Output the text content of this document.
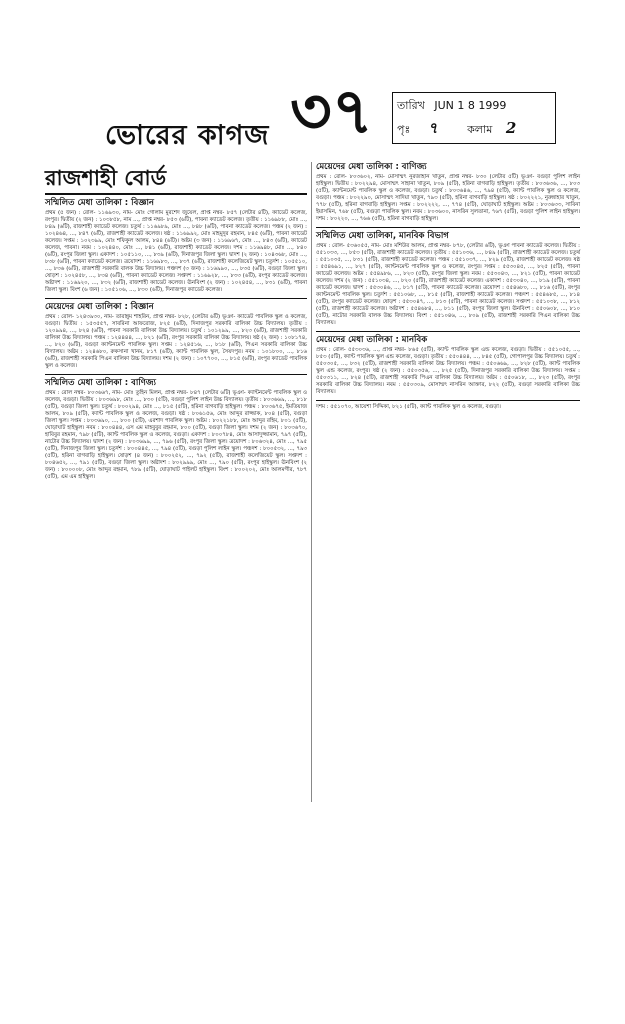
ভোরের কাগজ ৩৭ তারিখ JUN 1 8 1999
পৃঃ ৭	কলাম 2
রাজশাহী বোর্ড
সম্মিলিত মেধা তালিকা : বিজ্ঞান

প্রথম (৫ জন) : রোল- ১১৬৯৩০, নাম- মোঃ গোলাম মুরশেদ জুয়েল, প্রাপ্ত নম্বর- ৮৫৭ (লেটার ৪টি), ক্যাডেট কলেজ, রংপুর। দ্বিতীয় (২ জন) : ১০৩৮৫৮, নাম ..., প্রাপ্ত নম্বর- ৮৫৩ (৬টি), পাবনা ক্যাডেট কলেজ। তৃতীয় : ১১৬৯৮৮, মোঃ ..., ৮৪৯ (৬টি), রাজশাহী ক্যাডেট কলেজ। চতুর্থ : ১১৬৯৮৯, মোঃ ..., ৮৪৮ (৬টি), পাবনা ক্যাডেট কলেজ। পঞ্চম (২ জন) : ১০২৪৬৪, ..., ৮৪৭ (৬টি), রাজশাহী ক্যাডেট কলেজ। ষষ্ঠ : ১১৬৯৯২, মোঃ মাহমুদুর রহমান, ৮৪৫ (৬টি), পাবনা ক্যাডেট কলেজ। সপ্তম : ১০২৩৯৯, মোঃ শফিকুল আলম, ৮৪৪ (৬টি)। অষ্টম (৩ জন) : ১১৬৯৬৭, মোঃ ..., ৮৪৩ (৬টি), ক্যাডেট কলেজ, পাবনা। নবম : ১০২৪৪০, মোঃ ..., ৮৪১ (৬টি), রাজশাহী ক্যাডেট কলেজ। দশম : ১১৬৯৪৮, মোঃ ..., ৮৪০ (৬টি), রংপুর জিলা স্কুল। একাদশ : ১০৫১১০, ..., ৮৩৯ (৬টি), দিনাজপুর জিলা স্কুল। দ্বাদশ (২ জন) : ১০৪৩৬৮, মোঃ ..., ৮৩৮ (৬টি), পাবনা ক্যাডেট কলেজ। ত্রয়োদশ : ১১৬৯৮৩, ..., ৮৩৭ (৬টি), রাজশাহী কলেজিয়েট স্কুল। চতুর্দশ : ১০৫৫১০, ..., ৮৩৬ (৬টি), রাজশাহী সরকারি বালক উচ্চ বিদ্যালয়। পঞ্চদশ (৩ জন) : ১১৬৯৯০, ..., ৮৩৫ (৬টি), বগুড়া জিলা স্কুল। ষোড়শ : ১০২৪৫৮, ..., ৮৩৪ (৬টি), পাবনা ক্যাডেট কলেজ। সপ্তদশ : ১১৬৯২৮, ..., ৮৩৩ (৬টি), রংপুর ক্যাডেট কলেজ। অষ্টাদশ : ১১৬৯২০, ..., ৮৩২ (৬টি), রাজশাহী ক্যাডেট কলেজ। ঊনবিংশ (২ জন) : ১০২৪৫৪, ..., ৮৩১ (৬টি), পাবনা জিলা স্কুল। বিংশ (৬ জন) : ১০৫১০৬, ..., ৮৩০ (৬টি), দিনাজপুর ক্যাডেট কলেজ।

মেয়েদের মেধা তালিকা : বিজ্ঞান

প্রথম : রোল- ১২৪৩৯৩০, নাম- তারান্নুম শাহরিন, প্রাপ্ত নম্বর- ৮২৮, (লেটার ৬টি) ভূঞা- ক্যাডেট পাবলিক স্কুল ও কলেজ, বগুড়া। দ্বিতীয় : ১৫৩৫৫৭, সাবরিনা আফরোজ, ৮২৫ (৬টি), দিনাজপুর সরকারি বালিকা উচ্চ বিদ্যালয়। তৃতীয় : ১২০৯৯৪, ..., ৮২৪ (৬টি), পাবনা সরকারি বালিকা উচ্চ বিদ্যালয়। চতুর্থ : ১০১২৯৯, ..., ৮২৩ (৬টি), রাজশাহী সরকারি বালিকা উচ্চ বিদ্যালয়। পঞ্চম : ১২৪৪৪৪, ..., ৮২১ (৬টি), রংপুর সরকারি বালিকা উচ্চ বিদ্যালয়। ষষ্ঠ (২ জন) : ১০৮১৭৪, ..., ৮২০ (৬টি), বগুড়া ক্যান্টনমেন্ট পাবলিক স্কুল। সপ্তম : ১২৪৫১৬, ..., ৮১৮ (৬টি), পিএন সরকারি বালিকা উচ্চ বিদ্যালয়। অষ্টম : ১২৪৬৮০, রুকসানা খানম, ৮১৭ (৬টি), ক্যান্ট পাবলিক স্কুল, সৈয়দপুর। নবম : ১০১৮০০, ..., ৮১৬ (৬টি), রাজশাহী সরকারি পিএন বালিকা উচ্চ বিদ্যালয়। দশম (২ জন) : ১০৭৭০০, ..., ৮১৫ (৬টি), রংপুর ক্যাডেট পাবলিক স্কুল ও কলেজ।

সম্মিলিত মেধা তালিকা : বাণিজ্য

প্রথম : রোল নম্বর- ৮০৩৬৬৭, নাম- মোঃ তুহিন মিলন, প্রাপ্ত নম্বর- ৮৪৭ (লেটার ৬টি) ভূঞা- ক্যান্টনমেন্ট পাবলিক স্কুল ও কলেজ, বগুড়া। দ্বিতীয় : ৮০৩৬৯৮, মোঃ ..., ৮৩০ (৫টি), বগুড়া পুলিশ লাইন উচ্চ বিদ্যালয়। তৃতীয় : ৮০৩৬৬৯, ..., ৮১৮ (৫টি), বগুড়া জিলা স্কুল। চতুর্থ : ৮০০২৯৪, মোঃ ..., ৮১৫ (৫টি), হরিনা বাগবাড়ি হাইস্কুল। পঞ্চম : ৮০৩৬৭৫, ইমতিয়াজ আলম, ৮০৯ (৫টি), ক্যান্ট পাবলিক স্কুল ও কলেজ, বগুড়া। ষষ্ঠ : ৮০৬১৫৬, মোঃ আব্দুর রাজ্জাক, ৮০৪ (৫টি), বগুড়া জিলা স্কুল। সপ্তম : ৮০৩৬৯০, ..., ৮০০ (৫টি), এরশাদ পাবলিক স্কুল। অষ্টম : ৮০২২১৮৮, মোঃ আব্দুর রহিম, ৮০১ (৫টি), ঘোড়াঘাট হাইস্কুল। নবম : ৮০০৪৪৪, এস এম মাহবুবুর রহমান, ৮০০ (৫টি), বগুড়া জিলা স্কুল। দশম (২ জন) : ৮০৩৬৭০, হাবিবুর রহমান, ৭৯৮ (৫টি), ক্যান্ট পাবলিক স্কুল ও কলেজ, বগুড়া। একাদশ : ৮০০৭৮৪, মোঃ আসাদুজ্জামান, ৭৯৭ (৫টি), নাটোর উচ্চ বিদ্যালয়। দ্বাদশ (২ জন) : ৮০৩৬৯৯, ..., ৭৯৬ (৫টি), রংপুর জিলা স্কুল। ত্রয়োদশ : ৮০৬৩২৪, মোঃ ..., ৭৯৫ (৫টি), দিনাজপুর জিলা স্কুল। চতুর্দশ : ৮০০৪৪৫, ..., ৭৯৪ (৫টি), বগুড়া পুলিশ লাইন স্কুল। পঞ্চদশ : ৮০০৫৩২, ..., ৭৯৩ (৫টি), হরিনা বাগবাড়ি হাইস্কুল। ষোড়শ (৪ জন) : ৮০০২৫২, ..., ৭৯২ (৫টি), রাজশাহী কলেজিয়েট স্কুল। সপ্তদশ : ৮০৪৬৫২, ..., ৭৯১ (৫টি), বগুড়া জিলা স্কুল। অষ্টাদশ : ৮০২৯৯৯, মোঃ ..., ৭৯০ (৫টি), রংপুর হাইস্কুল। ঊনবিংশ (২ জন) : ৮০০০০৮, মোঃ আব্দুর রহমান, ৭৮৯ (৫টি), ঘোড়াঘাট পাইলট হাইস্কুল। বিংশ : ৮০০২০২, মোঃ আলমগীর, ৭৮৭ (৫টি), এম এম হাইস্কুল।

মেয়েদের মেধা তালিকা : বাণিজ্য

প্রথম : রোল- ৮০৩৬০২, নাম- মোসাম্মৎ নুরজাহান খাতুন, প্রাপ্ত নম্বর- ৮৩০ (লেটার ৫টি) ভূঞা- বগুড়া পুলিশ লাইন হাইস্কুল। দ্বিতীয় : ৮০২২৯৪, মোসাম্মৎ সাহানা খাতুন, ৮০৯ (৫টি), হরিনা বাগবাড়ি হাইস্কুল। তৃতীয় : ৮০৩৬৩৬, ..., ৮০৩ (৫টি), ক্যান্টনমেন্ট পাবলিক স্কুল ও কলেজ, বগুড়া। চতুর্থ : ৮০৩৬৪৬, ..., ৭৯৪ (৫টি), ক্যান্ট পাবলিক স্কুল ও কলেজ, বগুড়া। পঞ্চম : ৮০২২৯০, মোসাম্মৎ সাদিয়া খাতুন, ৭৯৩ (৫টি), হরিনা বাগবাড়ি হাইস্কুল। ষষ্ঠ : ৮০২২২১, নুরুন্নাহার খাতুন, ৭৭৮ (৫টি), হরিনা বাগবাড়ি হাইস্কুল। সপ্তম : ৮০২২২২, ..., ৭৭৪ (৫টি), ঘোড়াঘাট হাইস্কুল। অষ্টম : ৮০৩৬৩৩, সাবিনা ইয়াসমিন, ৭৬৮ (৫টি), বগুড়া পাবলিক স্কুল। নবম : ৮০৩৬০০, নাসরিন সুলতানা, ৭৬৭ (৫টি), বগুড়া পুলিশ লাইন হাইস্কুল। দশম : ৮০২২০, ..., ৭৬৬ (৫টি), হরিনা বাগবাড়ি হাইস্কুল।

সম্মিলিত মেধা তালিকা, মানবিক বিভাগ

প্রথম : রোল- ৫৩৬০৫৫, নাম- মোঃ মশিউর আলম, প্রাপ্ত নম্বর- ৮৭৮, (লেটার ৬টি), ভূঞা পাবনা ক্যাডেট কলেজ। দ্বিতীয় : ৫৫১০৩৩, ..., ৮৫৩ (৫টি), রাজশাহী ক্যাডেট কলেজ। তৃতীয় : ৫৫১০৩৬, ..., ৮৪৯ (৫টি), রাজশাহী ক্যাডেট কলেজ। চতুর্থ : ৫৫১০৩৫, ..., ৮৩১ (৫টি), রাজশাহী ক্যাডেট কলেজ। পঞ্চম : ৫৫১০৩৭, ..., ৮২৯ (৫টি), রাজশাহী ক্যাডেট কলেজ। ষষ্ঠ : ৫৫৪৬৯১, ..., ৮২৭ (৫টি), ক্যান্টনমেন্ট পাবলিক স্কুল ও কলেজ, রংপুর। সপ্তম : ৫৫৩০৪৫, ..., ৮২৫ (৫টি), পাবনা ক্যাডেট কলেজ। অষ্টম : ৫৫৪৯৮৬, ..., ৮২৩ (৫টি), রংপুর জিলা স্কুল। নবম : ৫৫৩০৪৩, ..., ৮২১ (৫টি), পাবনা ক্যাডেট কলেজ। দশম (২ জন) : ৫৫১০৩৪, ..., ৮২০ (৫টি), রাজশাহী ক্যাডেট কলেজ। একাদশ : ৫৫৩০৪০, ..., ৮১৯ (৫টি), পাবনা ক্যাডেট কলেজ। দ্বাদশ : ৫৫৩০৪৬, ..., ৮১৭ (৫টি), পাবনা ক্যাডেট কলেজ। ত্রয়োদশ : ৫৫৪৬৮০, ..., ৮১৬ (৫টি), রংপুর ক্যান্টনমেন্ট পাবলিক স্কুল। চতুর্দশ : ৫৫১০৬৮, ..., ৮১৫ (৫টি), রাজশাহী ক্যাডেট কলেজ। পঞ্চদশ : ৫৫৪৬৮৫, ..., ৮১৪ (৫টি), রংপুর ক্যাডেট কলেজ। ষোড়শ : ৫৫৩০৪৭, ..., ৮১৩ (৫টি), পাবনা ক্যাডেট কলেজ। সপ্তদশ : ৫৫১০৩৮, ..., ৮১২ (৫টি), রাজশাহী ক্যাডেট কলেজ। অষ্টাদশ : ৫৫৪৬৮৪, ..., ৮১১ (৫টি), রংপুর জিলা স্কুল। ঊনবিংশ : ৫৫০৬০৮, ..., ৮১০ (৫টি), নাটোর সরকারি বালক উচ্চ বিদ্যালয়। বিংশ : ৫৫১০৪৬, ..., ৮০৯ (৫টি), রাজশাহী সরকারি পিএন বালিকা উচ্চ বিদ্যালয়।

মেয়েদের মেধা তালিকা : মানবিক

প্রথম : রোল- ৫৫৩০৩৬, ..., প্রাপ্ত নম্বর- ৮৬৫ (৫টি), ক্যান্ট পাবলিক স্কুল এন্ড কলেজ, বগুড়া। দ্বিতীয় : ৫৫১০৫৫, ..., ৮৫৩ (৫টি), ক্যান্ট পাবলিক স্কুল এন্ড কলেজ, বগুড়া। তৃতীয় : ৫৫০৪৪৪, ..., ৮৪৫ (৫টি), গোপালপুর উচ্চ বিদ্যালয়। চতুর্থ : ৫৫০৩০৫, ..., ৮৩২ (৫টি), রাজশাহী সরকারি বালিকা উচ্চ বিদ্যালয়। পঞ্চম : ৫৫০৬৬৯, ..., ৮২৮ (৫টি), ক্যান্ট পাবলিক স্কুল এন্ড কলেজ, রংপুর। ষষ্ঠ (২ জন) : ৫৫০৩৫৬, ..., ৮২৫ (৫টি), দিনাজপুর সরকারি বালিকা উচ্চ বিদ্যালয়। সপ্তম : ৫৫০৩১১, ..., ৮২৪ (৫টি), রাজশাহী সরকারি পিএন বালিকা উচ্চ বিদ্যালয়। অষ্টম : ৫৫০৬১৮, ..., ৮২৩ (৫টি), রংপুর সরকারি বালিকা উচ্চ বিদ্যালয়। নবম : ৫৫০৩০৯, মোসাম্মৎ নাসরিন আক্তার, ৮২২ (৫টি), বগুড়া সরকারি বালিকা উচ্চ বিদ্যালয়।

দশম : ৫৫১০৭০, আয়েশা সিদ্দিকা, ৮২১ (৫টি), ক্যান্ট পাবলিক স্কুল ও কলেজ, বগুড়া।
